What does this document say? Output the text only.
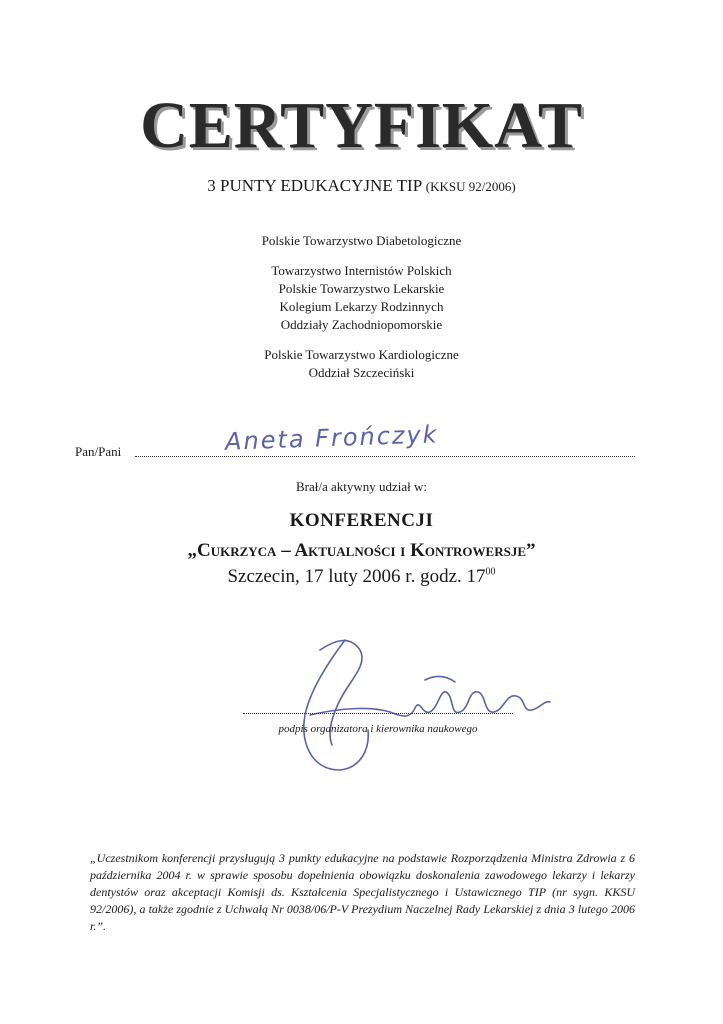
CERTYFIKAT
3 PUNTY EDUKACYJNE TIP (KKSU 92/2006)
Polskie Towarzystwo Diabetologiczne
Towarzystwo Internistów Polskich
Polskie Towarzystwo Lekarskie
Kolegium Lekarzy Rodzinnych
Oddziały Zachodniopomorskie
Polskie Towarzystwo Kardiologiczne
Oddział Szczeciński
Pan/Pani	Aneta Frończyk
Brał/a aktywny udział w:
KONFERENCJI
„Cukrzyca – Aktualności i Kontrowersje”
Szczecin, 17 luty 2006 r. godz. $17^{00}$
podpis organizatora i kierownika naukowego
„Uczestnikom konferencji przysługują 3 punkty edukacyjne na podstawie Rozporządzenia Ministra Zdrowia z 6 października 2004 r. w sprawie sposobu dopełnienia obowiązku doskonalenia zawodowego lekarzy i lekarzy dentystów oraz akceptacji Komisji ds. Kształcenia Specjalistycznego i Ustawicznego TIP (nr sygn. KKSU 92/2006), a także zgodnie z Uchwałą Nr 0038/06/P-V Prezydium Naczelnej Rady Lekarskiej z dnia 3 lutego 2006 r.”.
